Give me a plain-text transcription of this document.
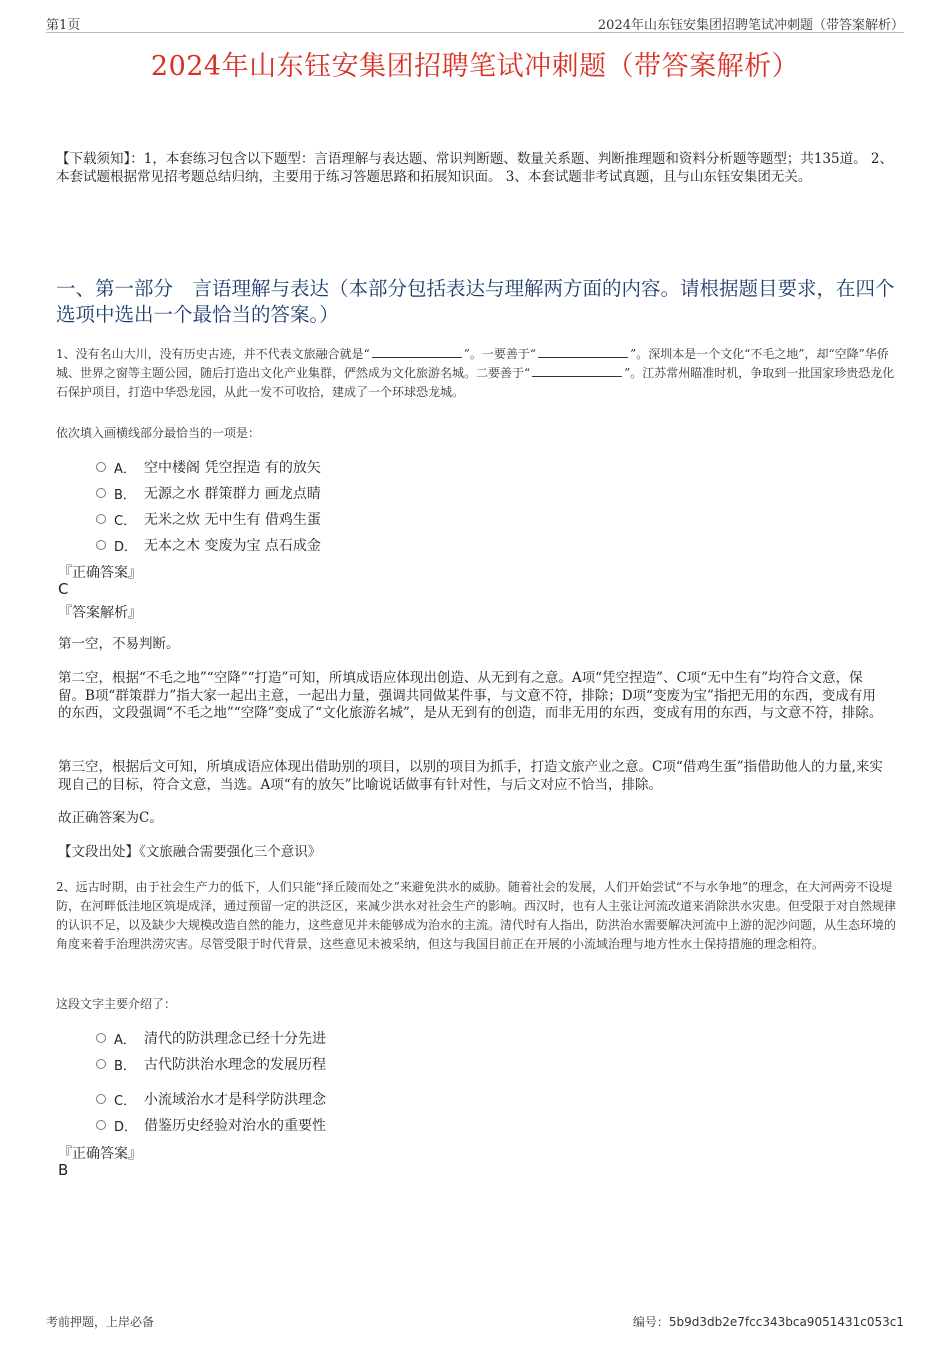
第1页	2024年山东钰安集团招聘笔试冲刺题（带答案解析）
2024年山东钰安集团招聘笔试冲刺题（带答案解析）
【下载须知】：1，本套练习包含以下题型：言语理解与表达题、常识判断题、数量关系题、判断推理题和资料分析题等题型；共135道。 2、本套试题根据常见招考题总结归纳，主要用于练习答题思路和拓展知识面。 3、本套试题非考试真题，且与山东钰安集团无关。
一、第一部分　言语理解与表达（本部分包括表达与理解两方面的内容。请根据题目要求，在四个选项中选出一个最恰当的答案。）
1、没有名山大川，没有历史古迹，并不代表文旅融合就是“	”。一要善于“	”。深圳本是一个文化“不毛之地”，却“空降”华侨城、世界之窗等主题公园，随后打造出文化产业集群，俨然成为文化旅游名城。二要善于“	”。江苏常州瞄准时机，争取到一批国家珍贵恐龙化石保护项目，打造中华恐龙园，从此一发不可收拾，建成了一个环球恐龙城。
依次填入画横线部分最恰当的一项是：
A． 空中楼阁 凭空捏造 有的放矢
B． 无源之水 群策群力 画龙点睛
C． 无米之炊 无中生有 借鸡生蛋
D． 无本之木 变废为宝 点石成金
『正确答案』
C
『答案解析』
第一空，不易判断。
第二空，根据“不毛之地”“空降”“打造”可知，所填成语应体现出创造、从无到有之意。A项“凭空捏造”、C项“无中生有”均符合文意，保留。B项“群策群力”指大家一起出主意，一起出力量，强调共同做某件事，与文意不符，排除；D项“变废为宝”指把无用的东西，变成有用的东西，文段强调“不毛之地”“空降”变成了“文化旅游名城”，是从无到有的创造，而非无用的东西，变成有用的东西，与文意不符，排除。
第三空，根据后文可知，所填成语应体现出借助别的项目，以别的项目为抓手，打造文旅产业之意。C项“借鸡生蛋”指借助他人的力量,来实现自己的目标，符合文意，当选。A项“有的放矢”比喻说话做事有针对性，与后文对应不恰当，排除。
故正确答案为C。
【文段出处】《文旅融合需要强化三个意识》
2、远古时期，由于社会生产力的低下，人们只能“择丘陵而处之”来避免洪水的威胁。随着社会的发展，人们开始尝试“不与水争地”的理念，在大河两旁不设堤防，在河畔低洼地区筑堤成泽，通过预留一定的洪泛区，来减少洪水对社会生产的影响。西汉时，也有人主张让河流改道来消除洪水灾患。但受限于对自然规律的认识不足，以及缺少大规模改造自然的能力，这些意见并未能够成为治水的主流。清代时有人指出，防洪治水需要解决河流中上游的泥沙问题，从生态环境的角度来着手治理洪涝灾害。尽管受限于时代背景，这些意见未被采纳，但这与我国目前正在开展的小流域治理与地方性水土保持措施的理念相符。
这段文字主要介绍了：
A． 清代的防洪理念已经十分先进
B． 古代防洪治水理念的发展历程
C． 小流域治水才是科学防洪理念
D． 借鉴历史经验对治水的重要性
『正确答案』
B
考前押题，上岸必备	编号：5b9d3db2e7fcc343bca9051431c053c1
